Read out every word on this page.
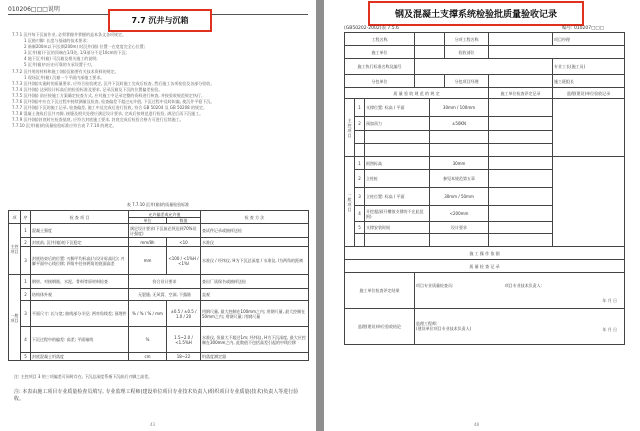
010206□□□说明
7.7 沉井与沉箱

7.7.1 沉井每下沉前作业, 必须掌握并掌握的是本条文各项规定。

1 沉箱刃脚: 长度与基础的技术要求;

2 新制200m以下(长期200m) 时沉井(箱) 位置一在宽度完全心位置;

3 沉井(箱)下沉的顶端在1/3处, 1/3部分不足10cm的下沉;

4 地下沉井(箱) 可沉箱及相关施工的说明;

5 沉井(箱)内应由可靠的支承设置于刃。

7.7.2 沉井用的材料和施工(箱)沉箱要有关技术资料的规定。

1 现场沉井(箱) 沉箱一个平面内部施工要求。

7.7.3 沉井(箱)实施时的质量要求, 应符合检验规定, 沉井下沉时施工完成后检查, 然后施工各项检验及各部分验收。

7.7.4 沉井(箱) 达到设计标高后的检验标准及要求, 记录沉箱及下沉的位置偏差检验。

7.7.5 沉井(箱) 前应按施工方案确定检查方式, 应对施工中记录完整的资料进行核查, 并按验收规范规定执行。

7.7.6 沉井(箱)中应在下沉过程中持续测量及检查, 检查偏差不超过允许值, 下沉过程中及时纠偏, 使沉井平稳下沉。

7.7.7 沉井(箱)下沉的施工记录, 检查偏差, 施工中及完成后进行验收, 符合 GB 50204 及 GB 50208 的规定。

7.7.8 混凝土浇筑后沉井刃脚, 接缝及相关处理应满足设计要求, 完成后按规范进行检验, 满足后再下沉施工。

7.7.9 沉井(箱)封底时应检查基底, 应符合封底施工要求, 封底完成后检验合格方可进行后续施工。

7.7.10 沉井(箱)的质量检验标准应符合表 7.7.10 的规定。

表 7.7.10 沉井(箱)的质量检验标准
项	序	检 查 项 目	允许偏差或允许值		检 查 方 法
			单位	数值	
主控项目	1	混凝土强度	满足设计要求(下沉前必须达到70%设计强度)		查试件记录或抽样送检
	2	封底前, 沉井(箱)的下沉稳定	mm/8h	<10	水准仪
	3	封底结束后的位置: 刃脚平均标高(与设计标高比); 刃脚平面中心线位移; 四角中任何两角的底面高差	mm	<100 / <1%H / <1%l	水准仪 / 经纬仪, H为下沉总深度 / 水准仪, l为两角的距离
一般项目	1	钢材、对接钢筋、水泥、骨料等原材料检查	符合设计要求		查出厂质保书或抽样送检
	2	结构体外观	无裂缝, 无风窝、空洞, 不露筋		直观
	3	平面尺寸: 长与宽; 曲线部分半径; 两对角线差; 预埋件	% / % / % / mm	±0.5 / ±0.5 / 1.0 / 20	用钢尺量, 最大控制在100mm之内; 用钢尺量, 最大控制在50mm之内; 用钢尺量; 用钢尺量
	4	下沉过程中的偏差: 高差; 平面轴线	%	1.5~2.0 / <1.5%H	水准仪, 但最大不超过1m; 经纬仪, H为下沉深度, 最大应控制在300mm之内, 此数值不包括高差引起的中线位移
	5	封底混凝土坍落度	cm	18~22	坍落度测定器
注: 主控项目 3 的三项偏差可同时存在, 下沉总深度系指下沉前后刃脚之高差。
注: 本表由施工项目专业质量检查员填写, 专业监理工程师(建设单位项目专业技术负责人)组织项目专业质量(技术)负责人等进行验收。
43
钢及混凝土支撑系统检验批质量验收记录
(GB50202-2002)表 7.5.6	编号: 010207□□□
工程名称					分项工程名称		项目经理
施工单位					验收部位		
施工执行标准名称及编号							专业工长(施工员)
分包单位					分包项目经理		施工班组长
质 量 验 收 规 范 的 规 定						施工单位检查评定记录	监理(建设)单位验收记录
主控项目	1	支撑位置: 标高 / 平面		30mm / 100mm			
	2	预加顶力		±50KN			

一般项目	1	围囹标高		30mm			
	2	立柱桩		参见本规范第五章			
	3	立柱位置: 标高 / 平面		30mm / 50mm			
	4	开挖超深(开槽放支撑的不在此范围)		<200mm			
	5	支撑安装时间		设计要求			

施 工 操 作 依 据							
质 量 检 查 记 录							
施工单位检查评定结果			项目专业质量检查员: 项目专业技术负责人:
年 月 日				

监理(建设)单位验收结论			监理工程师:
(建设单位项目专业技术负责人) 年 月 日				
48
